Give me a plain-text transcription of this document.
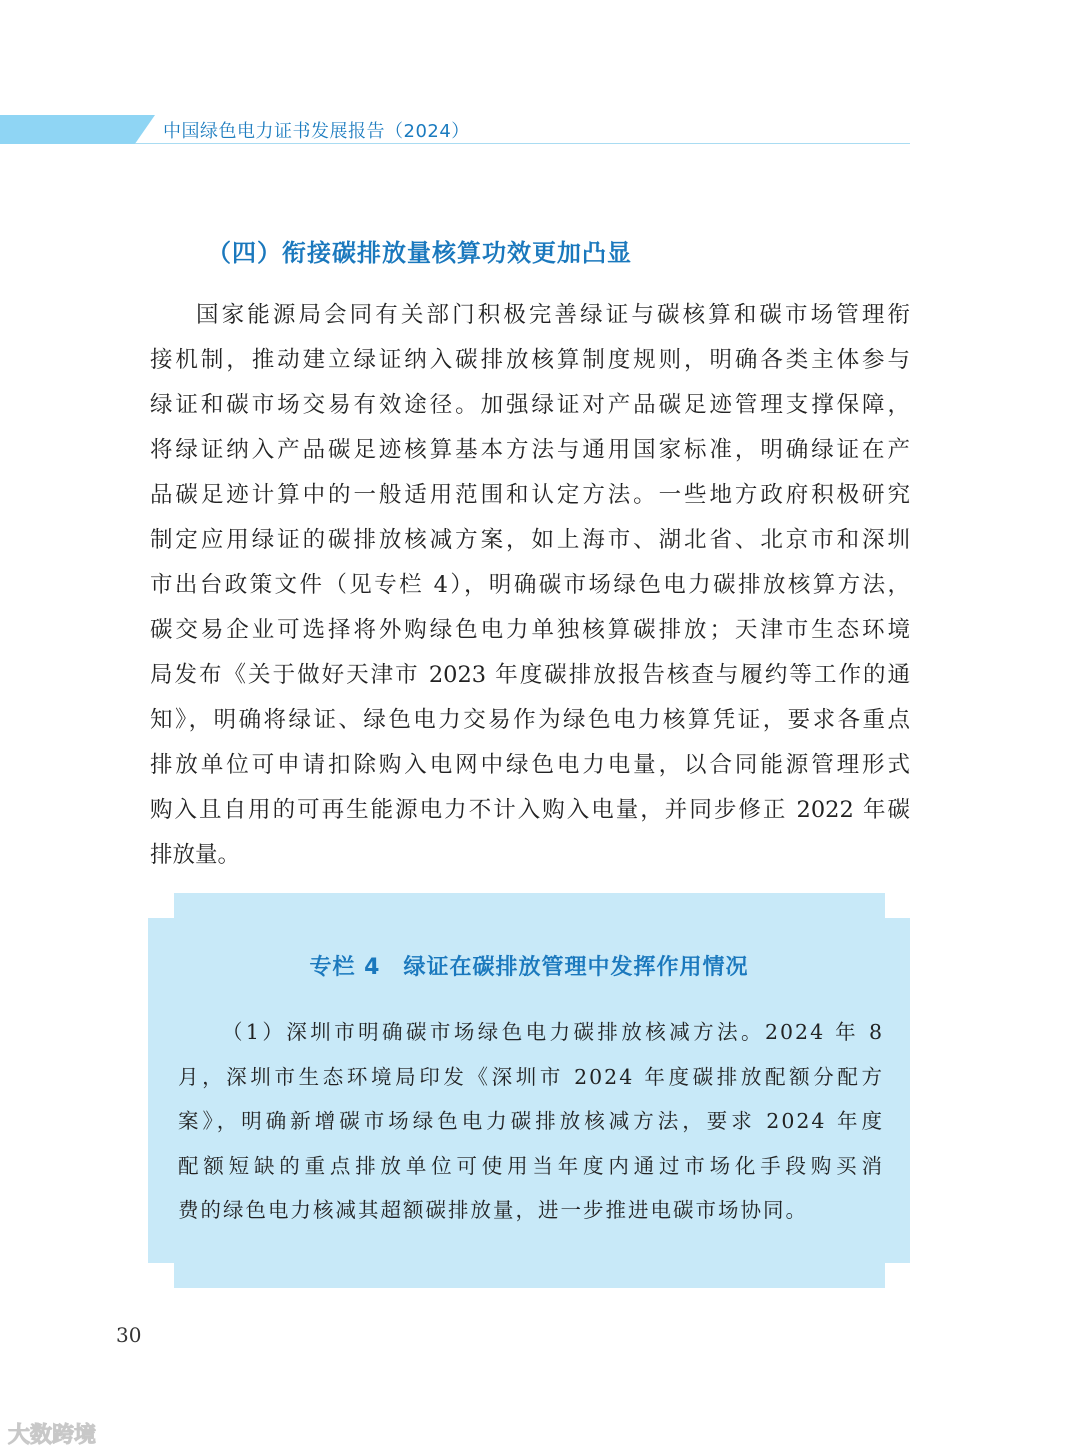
中国绿色电力证书发展报告（2024）
（四）衔接碳排放量核算功效更加凸显
国家能源局会同有关部门积极完善绿证与碳核算和碳市场管理衔
接机制，推动建立绿证纳入碳排放核算制度规则，明确各类主体参与
绿证和碳市场交易有效途径。加强绿证对产品碳足迹管理支撑保障，
将绿证纳入产品碳足迹核算基本方法与通用国家标准，明确绿证在产
品碳足迹计算中的一般适用范围和认定方法。一些地方政府积极研究
制定应用绿证的碳排放核减方案，如上海市、湖北省、北京市和深圳
市出台政策文件（见专栏 4），明确碳市场绿色电力碳排放核算方法，
碳交易企业可选择将外购绿色电力单独核算碳排放；天津市生态环境
局发布《关于做好天津市 2023 年度碳排放报告核查与履约等工作的通
知》，明确将绿证、绿色电力交易作为绿色电力核算凭证，要求各重点
排放单位可申请扣除购入电网中绿色电力电量，以合同能源管理形式
购入且自用的可再生能源电力不计入购入电量，并同步修正 2022 年碳
排放量。
专栏 4　绿证在碳排放管理中发挥作用情况
（1）深圳市明确碳市场绿色电力碳排放核减方法。2024 年 8
月，深圳市生态环境局印发《深圳市 2024 年度碳排放配额分配方
案》，明确新增碳市场绿色电力碳排放核减方法，要求 2024 年度
配额短缺的重点排放单位可使用当年度内通过市场化手段购买消
费的绿色电力核减其超额碳排放量，进一步推进电碳市场协同。
30
大数跨境
